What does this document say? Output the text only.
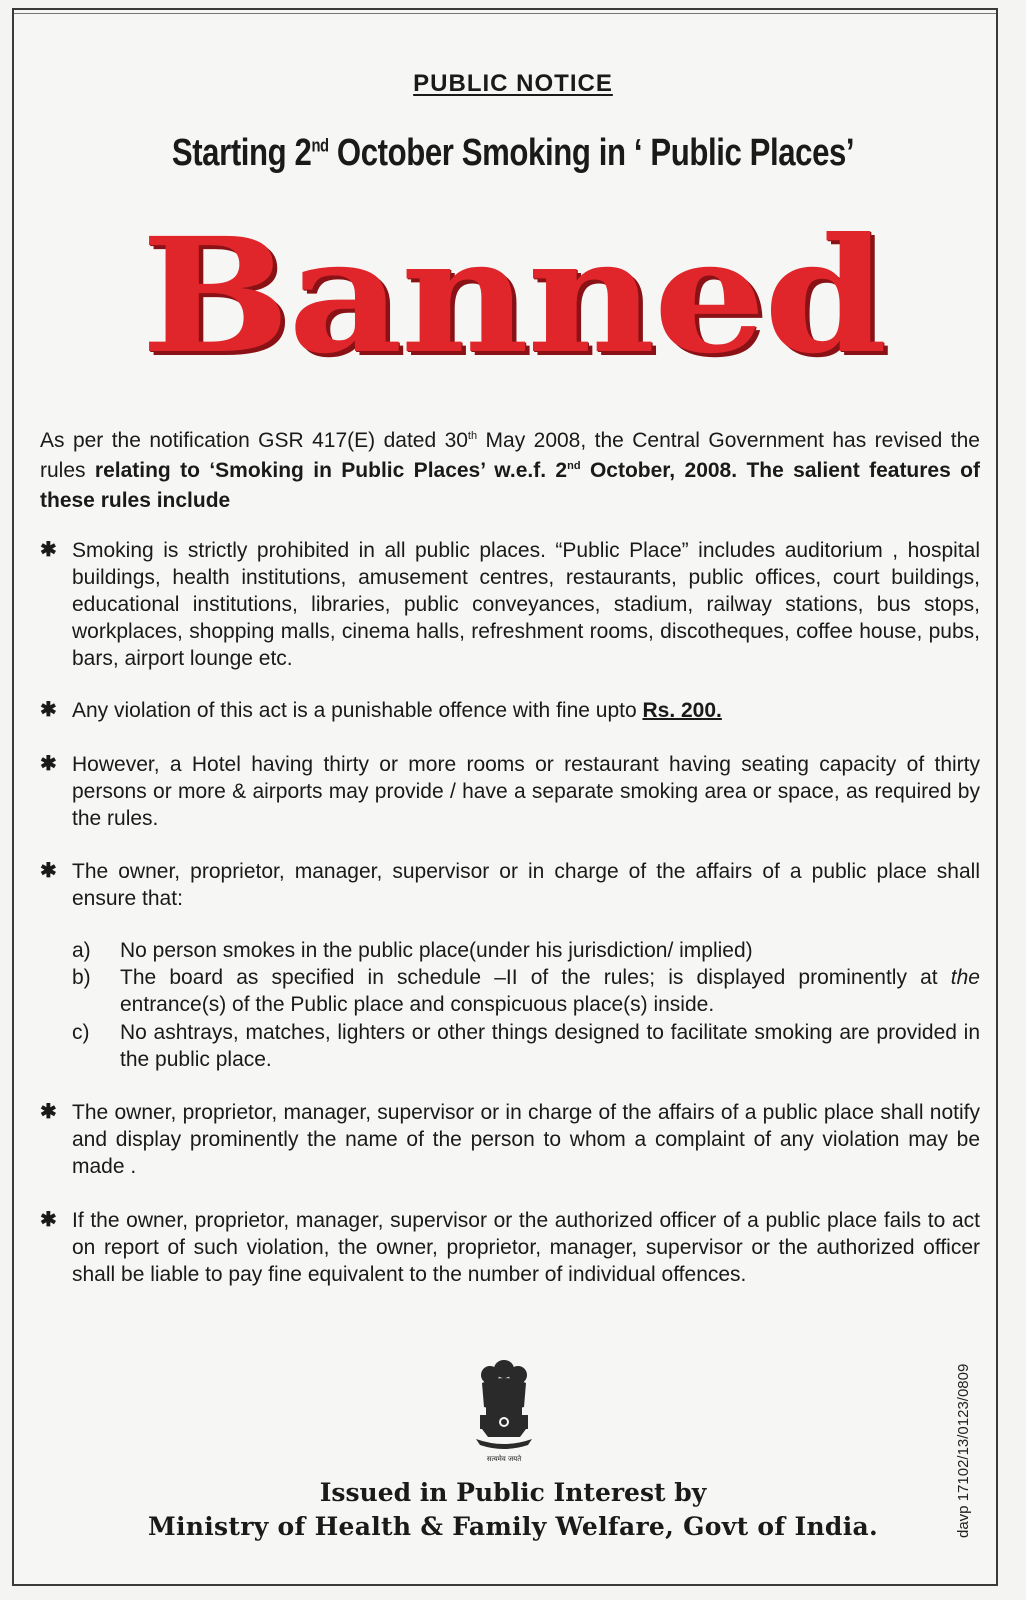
PUBLIC NOTICE
Starting 2nd October Smoking in ‘ Public Places’
Banned
As per the notification GSR 417(E) dated 30th May 2008, the Central Government has revised the rules relating to ‘Smoking in Public Places’ w.e.f. 2nd October, 2008. The salient features of these rules include
✱ Smoking is strictly prohibited in all public places. “Public Place” includes auditorium , hospital buildings, health institutions, amusement centres, restaurants, public offices, court buildings, educational institutions, libraries, public conveyances, stadium, railway stations, bus stops, workplaces, shopping malls, cinema halls, refreshment rooms, discotheques, coffee house, pubs, bars, airport lounge etc.
✱ Any violation of this act is a punishable offence with fine upto Rs. 200.
✱ However, a Hotel having thirty or more rooms or restaurant having seating capacity of thirty persons or more & airports may provide / have a separate smoking area or space, as required by the rules.
✱ The owner, proprietor, manager, supervisor or in charge of the affairs of a public place shall ensure that:
a)	No person smokes in the public place(under his jurisdiction/ implied)
b)	The board as specified in schedule –II of the rules; is displayed prominently at the entrance(s) of the Public place and conspicuous place(s) inside.
c)	No ashtrays, matches, lighters or other things designed to facilitate smoking are provided in the public place.
✱ The owner, proprietor, manager, supervisor or in charge of the affairs of a public place shall notify and display prominently the name of the person to whom a complaint of any violation may be made .
✱ If the owner, proprietor, manager, supervisor or the authorized officer of a public place fails to act on report of such violation, the owner, proprietor, manager, supervisor or the authorized officer shall be liable to pay fine equivalent to the number of individual offences.
सत्यमेव जयते
Issued in Public Interest by
Ministry of Health & Family Welfare, Govt of India.	davp 17102/13/0123/0809
